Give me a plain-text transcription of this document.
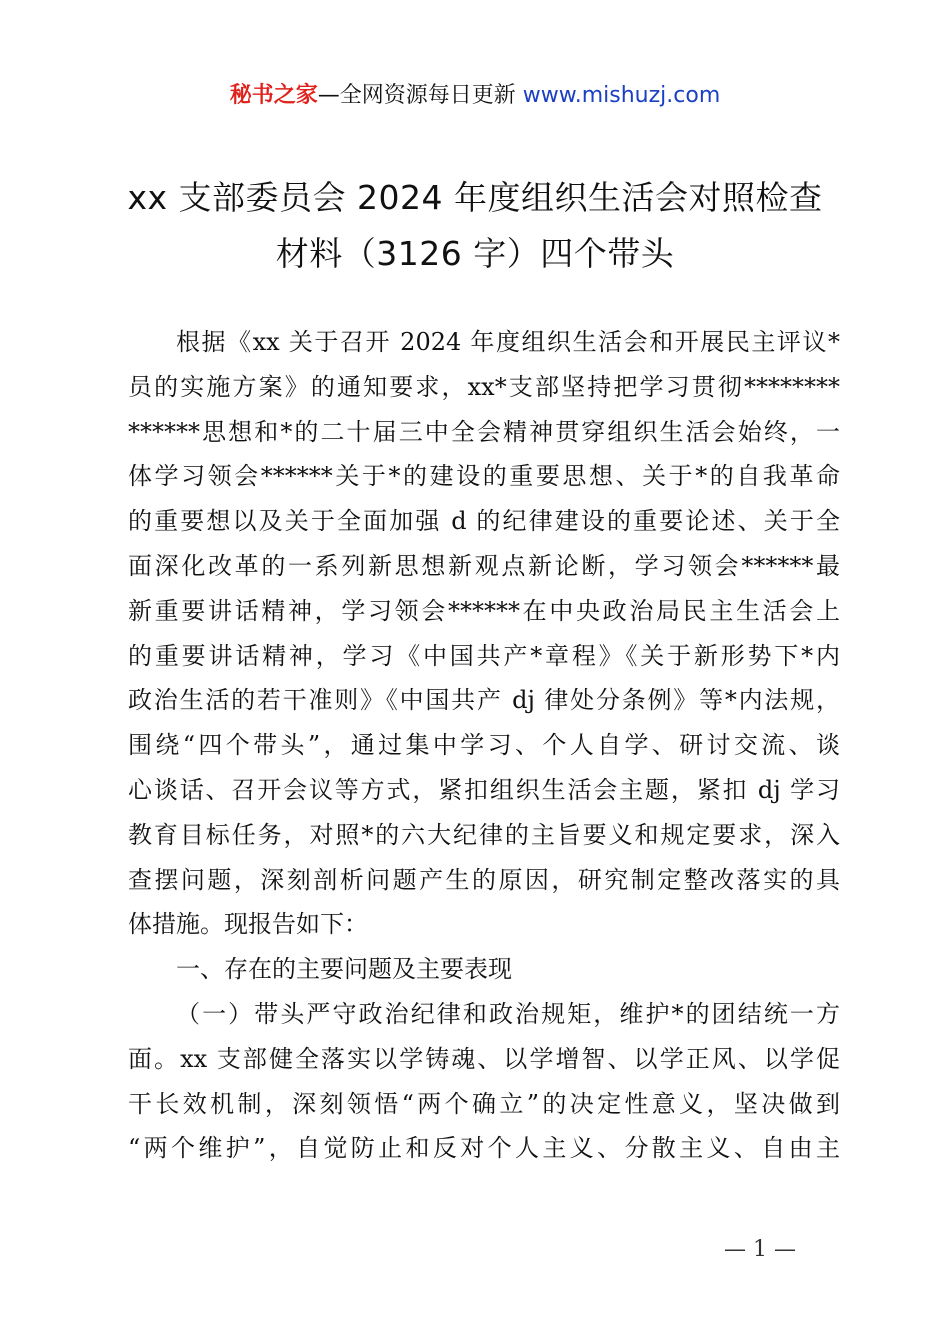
秘书之家—全网资源每日更新 www.mishuzj.com
xx 支部委员会 2024 年度组织生活会对照检查
材料（3126 字）四个带头
根据《xx 关于召开 2024 年度组织生活会和开展民主评议*
员的实施方案》的通知要求，xx*支部坚持把学习贯彻********
******思想和*的二十届三中全会精神贯穿组织生活会始终，一
体学习领会******关于*的建设的重要思想、关于*的自我革命
的重要想以及关于全面加强 d 的纪律建设的重要论述、关于全
面深化改革的一系列新思想新观点新论断，学习领会******最
新重要讲话精神，学习领会******在中央政治局民主生活会上
的重要讲话精神，学习《中国共产*章程》《关于新形势下*内
政治生活的若干准则》《中国共产 dj 律处分条例》等*内法规，
围绕“四个带头”，通过集中学习、个人自学、研讨交流、谈
心谈话、召开会议等方式，紧扣组织生活会主题，紧扣 dj 学习
教育目标任务，对照*的六大纪律的主旨要义和规定要求，深入
查摆问题，深刻剖析问题产生的原因，研究制定整改落实的具
体措施。现报告如下：
一、存在的主要问题及主要表现
（一）带头严守政治纪律和政治规矩，维护*的团结统一方
面。xx 支部健全落实以学铸魂、以学增智、以学正风、以学促
干长效机制，深刻领悟“两个确立”的决定性意义，坚决做到
“两个维护”，自觉防止和反对个人主义、分散主义、自由主
— 1 —
